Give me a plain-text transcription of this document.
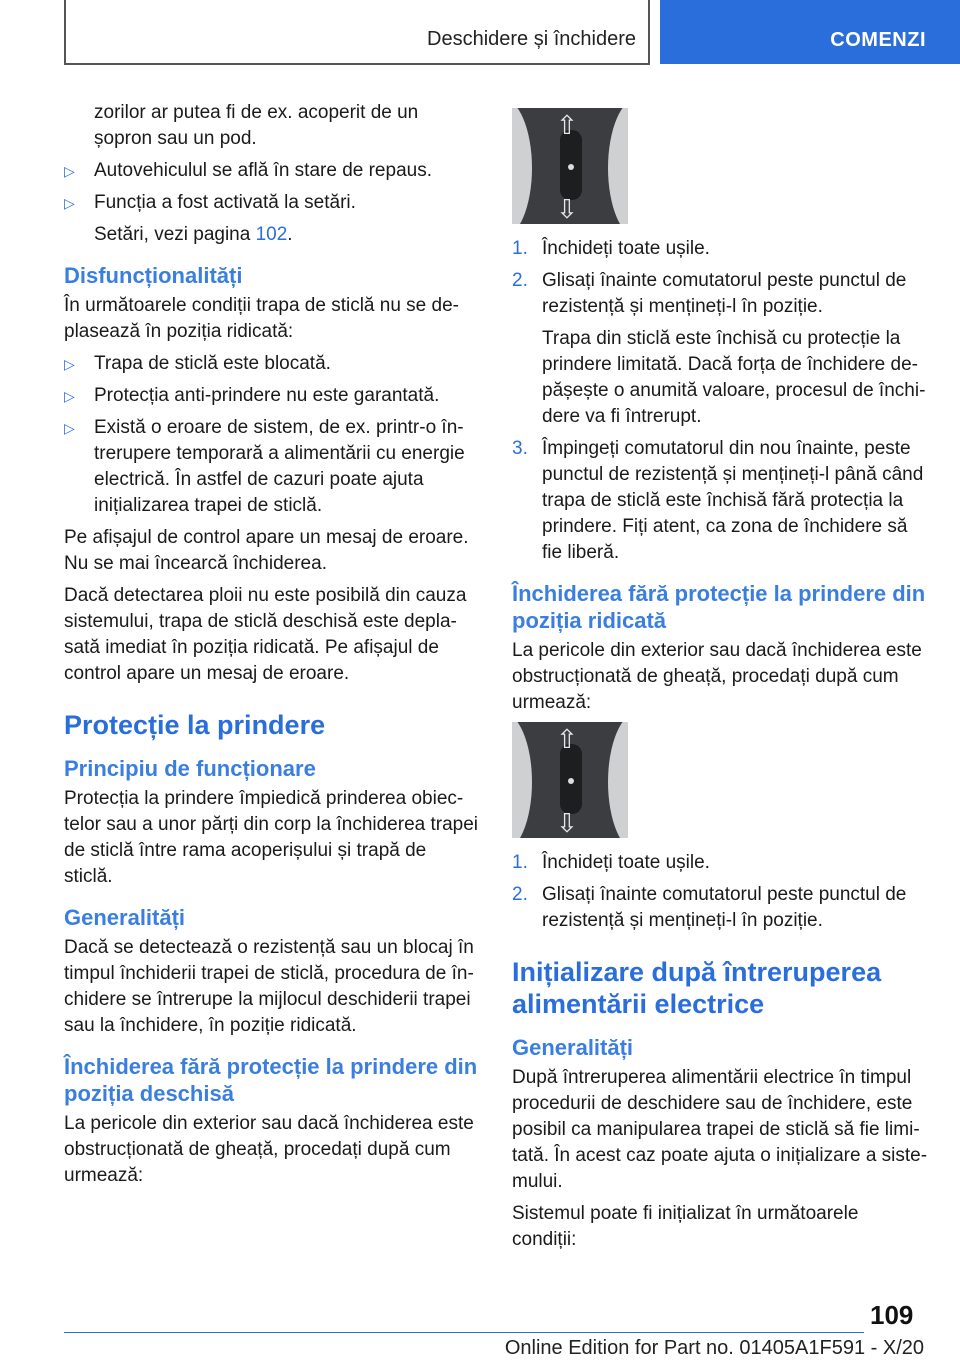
Deschidere și închidere	COMENZI

zorilor ar putea fi de ex. acoperit de un șopron sau un pod.

▷ Autovehiculul se află în stare de repaus.
▷ Funcția a fost activată la setări.

Setări, vezi pagina 102.

Disfuncționalități

În următoarele condiții trapa de sticlă nu se deplasează în poziția ridicată:

▷ Trapa de sticlă este blocată.
▷ Protecția anti-prindere nu este garantată.
▷ Există o eroare de sistem, de ex. printr-o întrerupere temporară a alimentării cu energie electrică. În astfel de cazuri poate ajuta inițializarea trapei de sticlă.

Pe afișajul de control apare un mesaj de eroare. Nu se mai încearcă închiderea.

Dacă detectarea ploii nu este posibilă din cauza sistemului, trapa de sticlă deschisă este deplasată imediat în poziția ridicată. Pe afișajul de control apare un mesaj de eroare.

Protecție la prindere
Principiu de funcționare

Protecția la prindere împiedică prinderea obiectelor sau a unor părți din corp la închiderea trapei de sticlă între rama acoperișului și trapă de sticlă.

Generalități

Dacă se detectează o rezistență sau un blocaj în timpul închiderii trapei de sticlă, procedura de închidere se întrerupe la mijlocul deschiderii trapei sau la închidere, în poziție ridicată.

Închiderea fără protecție la prindere din poziția deschisă

La pericole din exterior sau dacă închiderea este obstrucționată de gheață, procedați după cum urmează:

⇧
⇩
1. Închideți toate ușile.
2. Glisați înainte comutatorul peste punctul de rezistență și mențineți-l în poziție.

Trapa din sticlă este închisă cu protecție la prindere limitată. Dacă forța de închidere depășește o anumită valoare, procesul de închidere va fi întrerupt.

3. Împingeți comutatorul din nou înainte, peste punctul de rezistență și mențineți-l până când trapa de sticlă este închisă fără protecția la prindere. Fiți atent, ca zona de închidere să fie liberă.
Închiderea fără protecție la prindere din poziția ridicată

La pericole din exterior sau dacă închiderea este obstrucționată de gheață, procedați după cum urmează:

⇧
⇩
1. Închideți toate ușile.
2. Glisați înainte comutatorul peste punctul de rezistență și mențineți-l în poziție.
Inițializare după întreruperea alimentării electrice
Generalități

După întreruperea alimentării electrice în timpul procedurii de deschidere sau de închidere, este posibil ca manipularea trapei de sticlă să fie limitată. În acest caz poate ajuta o inițializare a sistemului.

Sistemul poate fi inițializat în următoarele condiții:

109
Online Edition for Part no. 01405A1F591 - X/20
